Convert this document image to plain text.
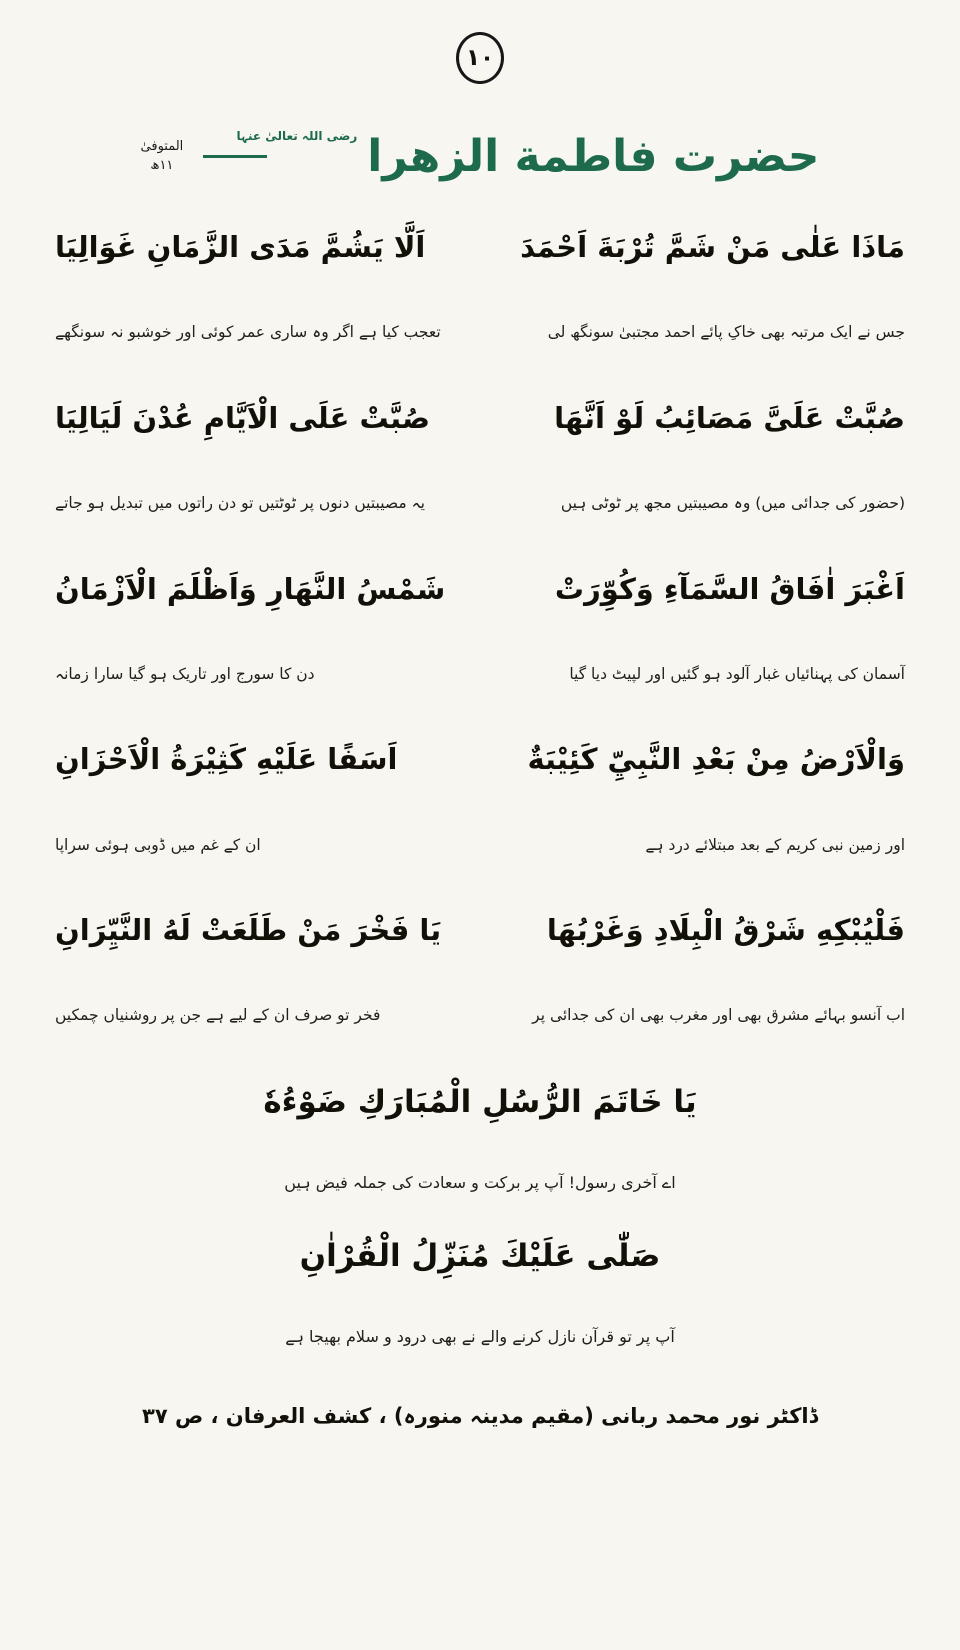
۱۰
حضرت فاطمة الزهرا
رضی اللہ تعالیٰ عنہا
المتوفیٰ
۱۱ھ
مَاذَا عَلٰى مَنْ شَمَّ تُرْبَةَ اَحْمَدَ
اَلَّا يَشُمَّ مَدَى الزَّمَانِ غَوَالِيَا
جس نے ایک مرتبہ بھی خاکِ پائے احمد مجتبیٰ سونگھ لی
تعجب کیا ہے اگر وہ ساری عمر کوئی اور خوشبو نہ سونگھے
صُبَّتْ عَلَىَّ مَصَائِبُ لَوْ اَنَّهَا
صُبَّتْ عَلَى الْاَيَّامِ عُدْنَ لَيَالِيَا
(حضور کی جدائی میں) وہ مصیبتیں مجھ پر ٹوٹی ہیں
یہ مصیبتیں دنوں پر ٹوٹتیں تو دن راتوں میں تبدیل ہو جاتے
اَغْبَرَ اٰفَاقُ السَّمَآءِ وَكُوِّرَتْ
شَمْسُ النَّهَارِ وَاَظْلَمَ الْاَزْمَانُ
آسمان کی پہنائیاں غبار آلود ہو گئیں اور لپیٹ دیا گیا
دن کا سورج اور تاریک ہو گیا سارا زمانہ
وَالْاَرْضُ مِنْ بَعْدِ النَّبِيِّ كَئِيْبَةٌ
اَسَفًا عَلَيْهِ كَثِيْرَةُ الْاَحْزَانِ
اور زمین نبی کریم کے بعد مبتلائے درد ہے
ان کے غم میں ڈوبی ہوئی سراپا
فَلْيُبْكِهِ شَرْقُ الْبِلَادِ وَغَرْبُهَا
يَا فَخْرَ مَنْ طَلَعَتْ لَهُ النَّيِّرَانِ
اب آنسو بہائے مشرق بھی اور مغرب بھی ان کی جدائی پر
فخر تو صرف ان کے لیے ہے جن پر روشنیاں چمکیں
يَا خَاتَمَ الرُّسُلِ الْمُبَارَكِ ضَوْءُهٗ
اے آخری رسول! آپ پر برکت و سعادت کی جملہ فیض ہیں
صَلّٰى عَلَيْكَ مُنَزِّلُ الْقُرْاٰنِ
آپ پر تو قرآن نازل کرنے والے نے بھی درود و سلام بھیجا ہے
ڈاکٹر نور محمد ربانی (مقیم مدینہ منورہ) ، کشف العرفان ، ص ۳۷
